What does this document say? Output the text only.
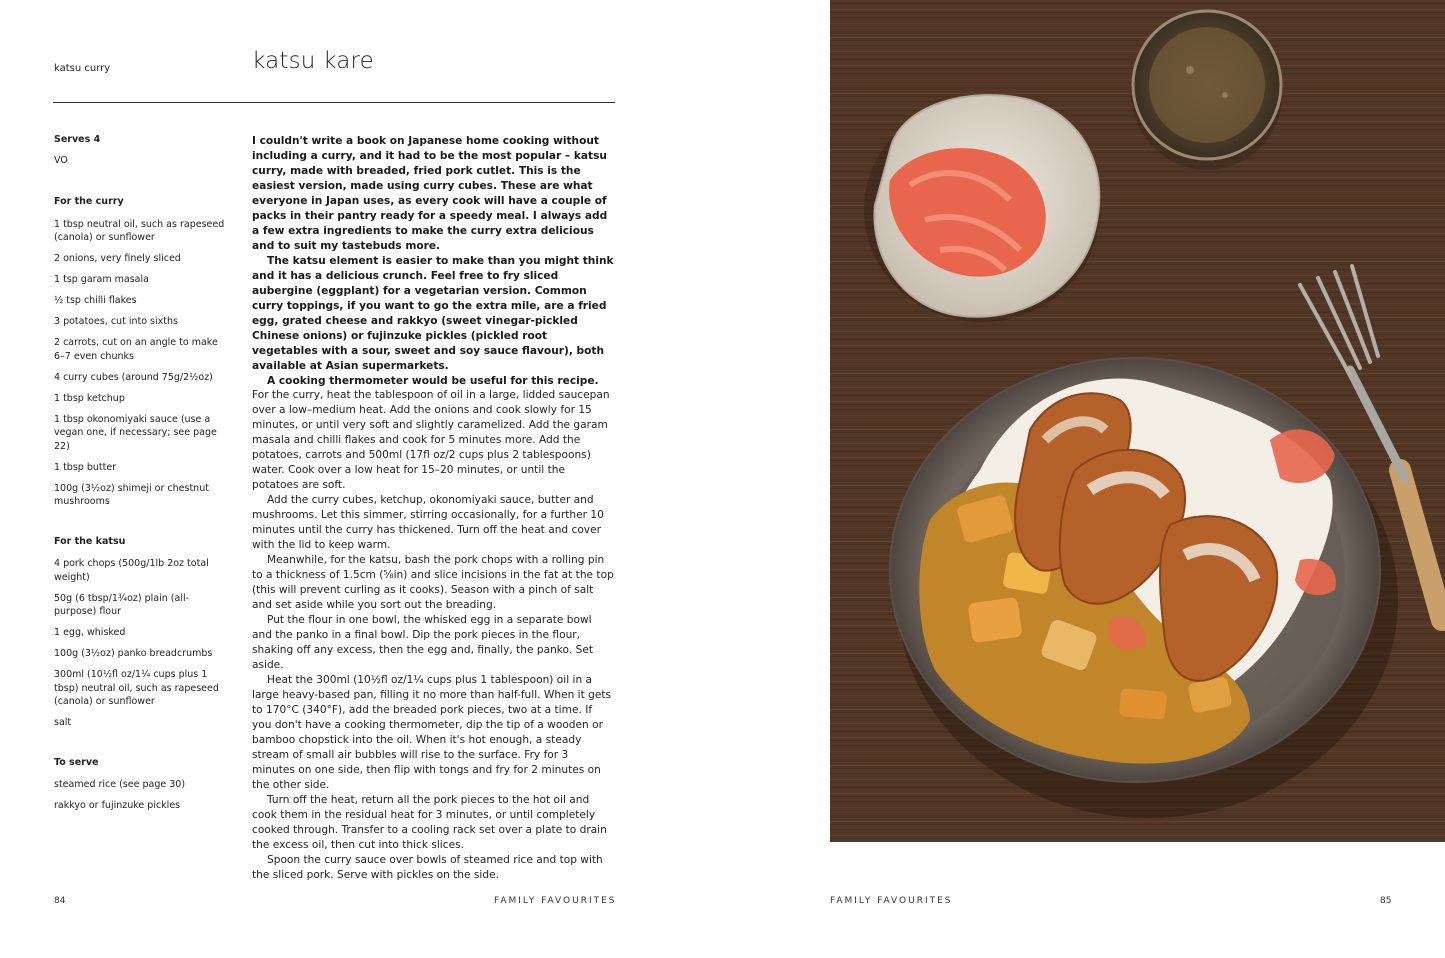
katsu curry	katsu kare

Serves 4

VO

For the curry

1 tbsp neutral oil, such as rapeseed (canola) or sunflower
2 onions, very finely sliced
1 tsp garam masala
½ tsp chilli flakes
3 potatoes, cut into sixths
2 carrots, cut on an angle to make 6–7 even chunks
4 curry cubes (around 75g/2½oz)
1 tbsp ketchup
1 tbsp okonomiyaki sauce (use a vegan one, if necessary; see page 22)
1 tbsp butter
100g (3½oz) shimeji or chestnut mushrooms

For the katsu

4 pork chops (500g/1lb 2oz total weight)
50g (6 tbsp/1¾oz) plain (all-purpose) flour
1 egg, whisked
100g (3½oz) panko breadcrumbs
300ml (10½fl oz/1¼ cups plus 1 tbsp) neutral oil, such as rapeseed (canola) or sunflower
salt

To serve

steamed rice (see page 30)
rakkyo or fujinzuke pickles

I couldn't write a book on Japanese home cooking without including a curry, and it had to be the most popular – katsu curry, made with breaded, fried pork cutlet. This is the easiest version, made using curry cubes. These are what everyone in Japan uses, as every cook will have a couple of packs in their pantry ready for a speedy meal. I always add a few extra ingredients to make the curry extra delicious and to suit my tastebuds more.

The katsu element is easier to make than you might think and it has a delicious crunch. Feel free to fry sliced aubergine (eggplant) for a vegetarian version. Common curry toppings, if you want to go the extra mile, are a fried egg, grated cheese and rakkyo (sweet vinegar-pickled Chinese onions) or fujinzuke pickles (pickled root vegetables with a sour, sweet and soy sauce flavour), both available at Asian supermarkets.

A cooking thermometer would be useful for this recipe.

For the curry, heat the tablespoon of oil in a large, lidded saucepan over a low–medium heat. Add the onions and cook slowly for 15 minutes, or until very soft and slightly caramelized. Add the garam masala and chilli flakes and cook for 5 minutes more. Add the potatoes, carrots and 500ml (17fl oz/2 cups plus 2 tablespoons) water. Cook over a low heat for 15–20 minutes, or until the potatoes are soft.

Add the curry cubes, ketchup, okonomiyaki sauce, butter and mushrooms. Let this simmer, stirring occasionally, for a further 10 minutes until the curry has thickened. Turn off the heat and cover with the lid to keep warm.

Meanwhile, for the katsu, bash the pork chops with a rolling pin to a thickness of 1.5cm (⅝in) and slice incisions in the fat at the top (this will prevent curling as it cooks). Season with a pinch of salt and set aside while you sort out the breading.

Put the flour in one bowl, the whisked egg in a separate bowl and the panko in a final bowl. Dip the pork pieces in the flour, shaking off any excess, then the egg and, finally, the panko. Set aside.

Heat the 300ml (10½fl oz/1¼ cups plus 1 tablespoon) oil in a large heavy-based pan, filling it no more than half-full. When it gets to 170°C (340°F), add the breaded pork pieces, two at a time. If you don't have a cooking thermometer, dip the tip of a wooden or bamboo chopstick into the oil. When it's hot enough, a steady stream of small air bubbles will rise to the surface. Fry for 3 minutes on one side, then flip with tongs and fry for 2 minutes on the other side.

Turn off the heat, return all the pork pieces to the hot oil and cook them in the residual heat for 3 minutes, or until completely cooked through. Transfer to a cooling rack set over a plate to drain the excess oil, then cut into thick slices.

Spoon the curry sauce over bowls of steamed rice and top with the sliced pork. Serve with pickles on the side.

84	FAMILY FAVOURITES	FAMILY FAVOURITES	85
